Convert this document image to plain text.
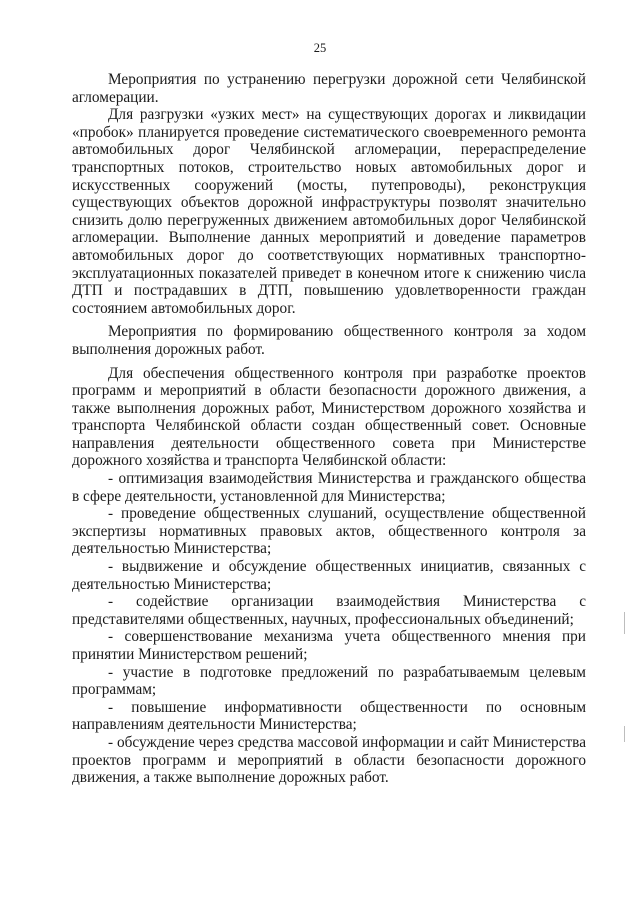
25

Мероприятия по устранению перегрузки дорожной сети Челябинской агломерации.

Для разгрузки «узких мест» на существующих дорогах и ликвидации «пробок» планируется проведение систематического своевременного ремонта автомобильных дорог Челябинской агломерации, перераспределение транспортных потоков, строительство новых автомобильных дорог и искусственных сооружений (мосты, путепроводы), реконструкция существующих объектов дорожной инфраструктуры позволят значительно снизить долю перегруженных движением автомобильных дорог Челябинской агломерации. Выполнение данных мероприятий и доведение параметров автомобильных дорог до соответствующих нормативных транспортно-эксплуатационных показателей приведет в конечном итоге к снижению числа ДТП и пострадавших в ДТП, повышению удовлетворенности граждан состоянием автомобильных дорог.

Мероприятия по формированию общественного контроля за ходом выполнения дорожных работ.

Для обеспечения общественного контроля при разработке проектов программ и мероприятий в области безопасности дорожного движения, а также выполнения дорожных работ, Министерством дорожного хозяйства и транспорта Челябинской области создан общественный совет. Основные направления деятельности общественного совета при Министерстве дорожного хозяйства и транспорта Челябинской области:

- оптимизация взаимодействия Министерства и гражданского общества в сфере деятельности, установленной для Министерства;

- проведение общественных слушаний, осуществление общественной экспертизы нормативных правовых актов, общественного контроля за деятельностью Министерства;

- выдвижение и обсуждение общественных инициатив, связанных с деятельностью Министерства;

- содействие организации взаимодействия Министерства с представителями общественных, научных, профессиональных объединений;

- совершенствование механизма учета общественного мнения при принятии Министерством решений;

- участие в подготовке предложений по разрабатываемым целевым программам;

- повышение информативности общественности по основным направлениям деятельности Министерства;

- обсуждение через средства массовой информации и сайт Министерства проектов программ и мероприятий в области безопасности дорожного движения, а также выполнение дорожных работ.
